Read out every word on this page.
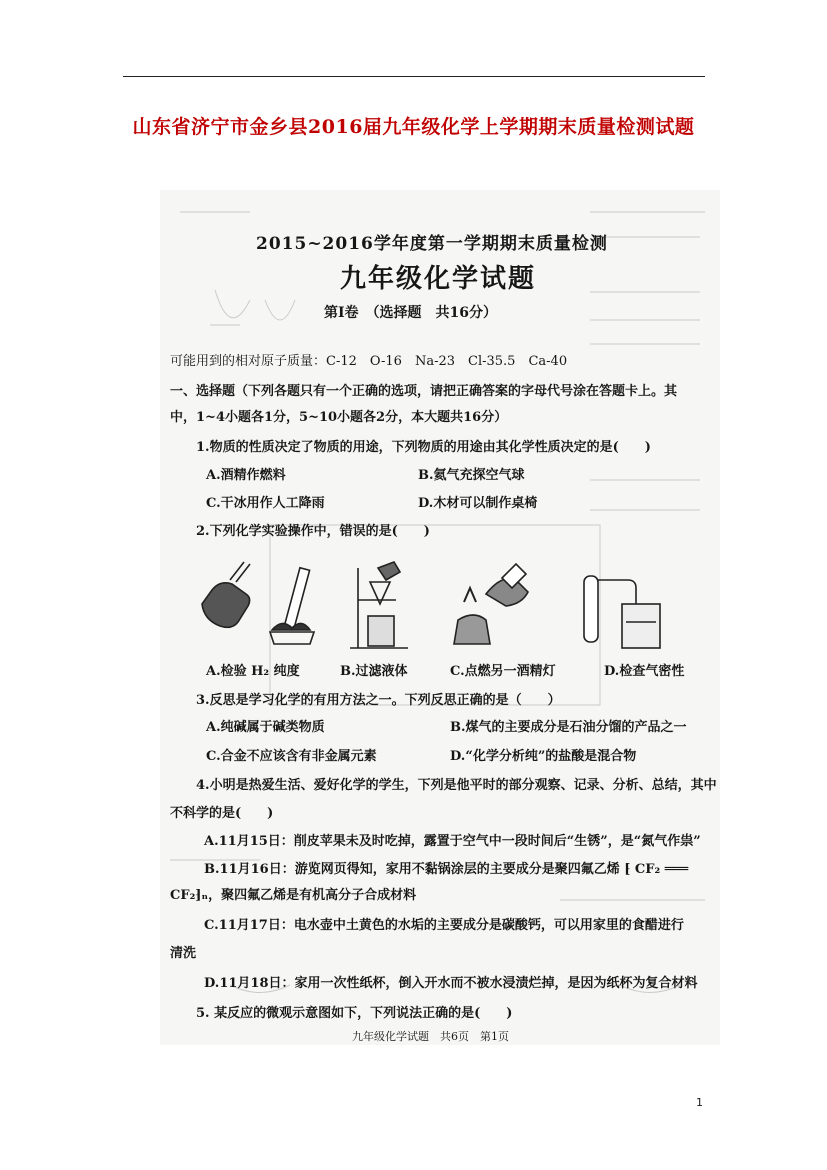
山东省济宁市金乡县2016届九年级化学上学期期末质量检测试题
2015~2016学年度第一学期期末质量检测
九年级化学试题
第Ⅰ卷　（选择题　共16分）
可能用到的相对原子质量：C-12　O-16　Na-23　Cl-35.5　Ca-40
一、选择题（下列各题只有一个正确的选项，请把正确答案的字母代号涂在答题卡上。其
中，1~4小题各1分，5~10小题各2分，本大题共16分）
1.物质的性质决定了物质的用途，下列物质的用途由其化学性质决定的是(　　)
A.酒精作燃料	B.氦气充探空气球
C.干冰用作人工降雨	D.木材可以制作桌椅
2.下列化学实验操作中，错误的是(　　)
A.检验 H₂ 纯度	B.过滤液体	C.点燃另一酒精灯	D.检查气密性
3.反思是学习化学的有用方法之一。下列反思正确的是（　　）
A.纯碱属于碱类物质	B.煤气的主要成分是石油分馏的产品之一
C.合金不应该含有非金属元素	D.“化学分析纯”的盐酸是混合物
4.小明是热爱生活、爱好化学的学生，下列是他平时的部分观察、记录、分析、总结，其中
不科学的是(　　)
A.11月15日：削皮苹果未及时吃掉，露置于空气中一段时间后“生锈”，是“氮气作祟”
B.11月16日：游览网页得知，家用不黏锅涂层的主要成分是聚四氟乙烯 ⁅ CF₂ ═══
CF₂⁆ₙ，聚四氟乙烯是有机高分子合成材料
C.11月17日：电水壶中土黄色的水垢的主要成分是碳酸钙，可以用家里的食醋进行
清洗
D.11月18日：家用一次性纸杯，倒入开水而不被水浸渍烂掉，是因为纸杯为复合材料
5. 某反应的微观示意图如下，下列说法正确的是(　　)
九年级化学试题　共6页　第1页
1
